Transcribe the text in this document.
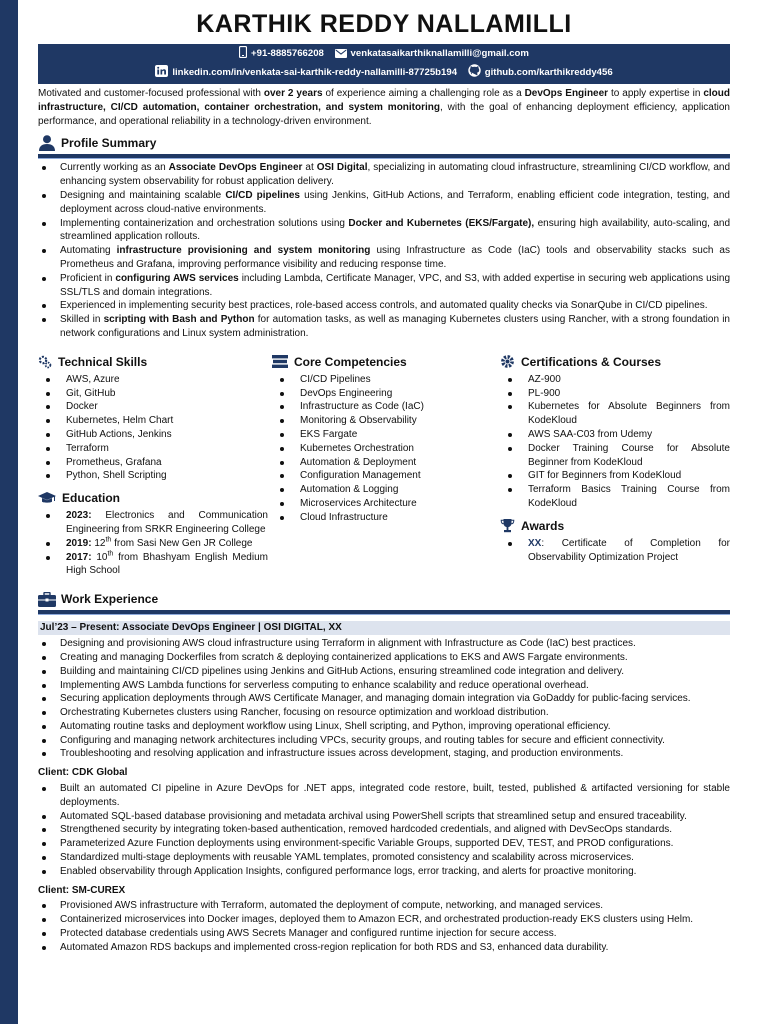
KARTHIK REDDY NALLAMILLI
+91-8885766208	venkatasaikarthiknallamilli@gmail.com
linkedin.com/in/venkata-sai-karthik-reddy-nallamilli-87725b194	github.com/karthikreddy456

Motivated and customer-focused professional with over 2 years of experience aiming a challenging role as a DevOps Engineer to apply expertise in cloud infrastructure, CI/CD automation, container orchestration, and system monitoring, with the goal of enhancing deployment efficiency, application performance, and operational reliability in a technology-driven environment.

Profile Summary
Currently working as an Associate DevOps Engineer at OSI Digital, specializing in automating cloud infrastructure, streamlining CI/CD workflow, and enhancing system observability for robust application delivery.
Designing and maintaining scalable CI/CD pipelines using Jenkins, GitHub Actions, and Terraform, enabling efficient code integration, testing, and deployment across cloud-native environments.
Implementing containerization and orchestration solutions using Docker and Kubernetes (EKS/Fargate), ensuring high availability, auto-scaling, and streamlined application rollouts.
Automating infrastructure provisioning and system monitoring using Infrastructure as Code (IaC) tools and observability stacks such as Prometheus and Grafana, improving performance visibility and reducing response time.
Proficient in configuring AWS services including Lambda, Certificate Manager, VPC, and S3, with added expertise in securing web applications using SSL/TLS and domain integrations.
Experienced in implementing security best practices, role-based access controls, and automated quality checks via SonarQube in CI/CD pipelines.
Skilled in scripting with Bash and Python for automation tasks, as well as managing Kubernetes clusters using Rancher, with a strong foundation in network configurations and Linux system administration.
Technical Skills
AWS, Azure
Git, GitHub
Docker
Kubernetes, Helm Chart
GitHub Actions, Jenkins
Terraform
Prometheus, Grafana
Python, Shell Scripting
Education
2023: Electronics and Communication Engineering from SRKR Engineering College
2019: 12th from Sasi New Gen JR College
2017: 10th from Bhashyam English Medium High School
Core Competencies
CI/CD Pipelines
DevOps Engineering
Infrastructure as Code (IaC)
Monitoring & Observability
EKS Fargate
Kubernetes Orchestration
Automation & Deployment
Configuration Management
Automation & Logging
Microservices Architecture
Cloud Infrastructure
Certifications & Courses
AZ-900
PL-900
Kubernetes for Absolute Beginners from KodeKloud
AWS SAA-C03 from Udemy
Docker Training Course for Absolute Beginner from KodeKloud
GIT for Beginners from KodeKloud
Terraform Basics Training Course from KodeKloud
Awards
XX: Certificate of Completion for Observability Optimization Project
Work Experience
Jul’23 – Present: Associate DevOps Engineer | OSI DIGITAL, XX
Designing and provisioning AWS cloud infrastructure using Terraform in alignment with Infrastructure as Code (IaC) best practices.
Creating and managing Dockerfiles from scratch & deploying containerized applications to EKS and AWS Fargate environments.
Building and maintaining CI/CD pipelines using Jenkins and GitHub Actions, ensuring streamlined code integration and delivery.
Implementing AWS Lambda functions for serverless computing to enhance scalability and reduce operational overhead.
Securing application deployments through AWS Certificate Manager, and managing domain integration via GoDaddy for public-facing services.
Orchestrating Kubernetes clusters using Rancher, focusing on resource optimization and workload distribution.
Automating routine tasks and deployment workflow using Linux, Shell scripting, and Python, improving operational efficiency.
Configuring and managing network architectures including VPCs, security groups, and routing tables for secure and efficient connectivity.
Troubleshooting and resolving application and infrastructure issues across development, staging, and production environments.
Client: CDK Global
Built an automated CI pipeline in Azure DevOps for .NET apps, integrated code restore, built, tested, published & artifacted versioning for stable deployments.
Automated SQL-based database provisioning and metadata archival using PowerShell scripts that streamlined setup and ensured traceability.
Strengthened security by integrating token-based authentication, removed hardcoded credentials, and aligned with DevSecOps standards.
Parameterized Azure Function deployments using environment-specific Variable Groups, supported DEV, TEST, and PROD configurations.
Standardized multi-stage deployments with reusable YAML templates, promoted consistency and scalability across microservices.
Enabled observability through Application Insights, configured performance logs, error tracking, and alerts for proactive monitoring.
Client: SM-CUREX
Provisioned AWS infrastructure with Terraform, automated the deployment of compute, networking, and managed services.
Containerized microservices into Docker images, deployed them to Amazon ECR, and orchestrated production-ready EKS clusters using Helm.
Protected database credentials using AWS Secrets Manager and configured runtime injection for secure access.
Automated Amazon RDS backups and implemented cross-region replication for both RDS and S3, enhanced data durability.
